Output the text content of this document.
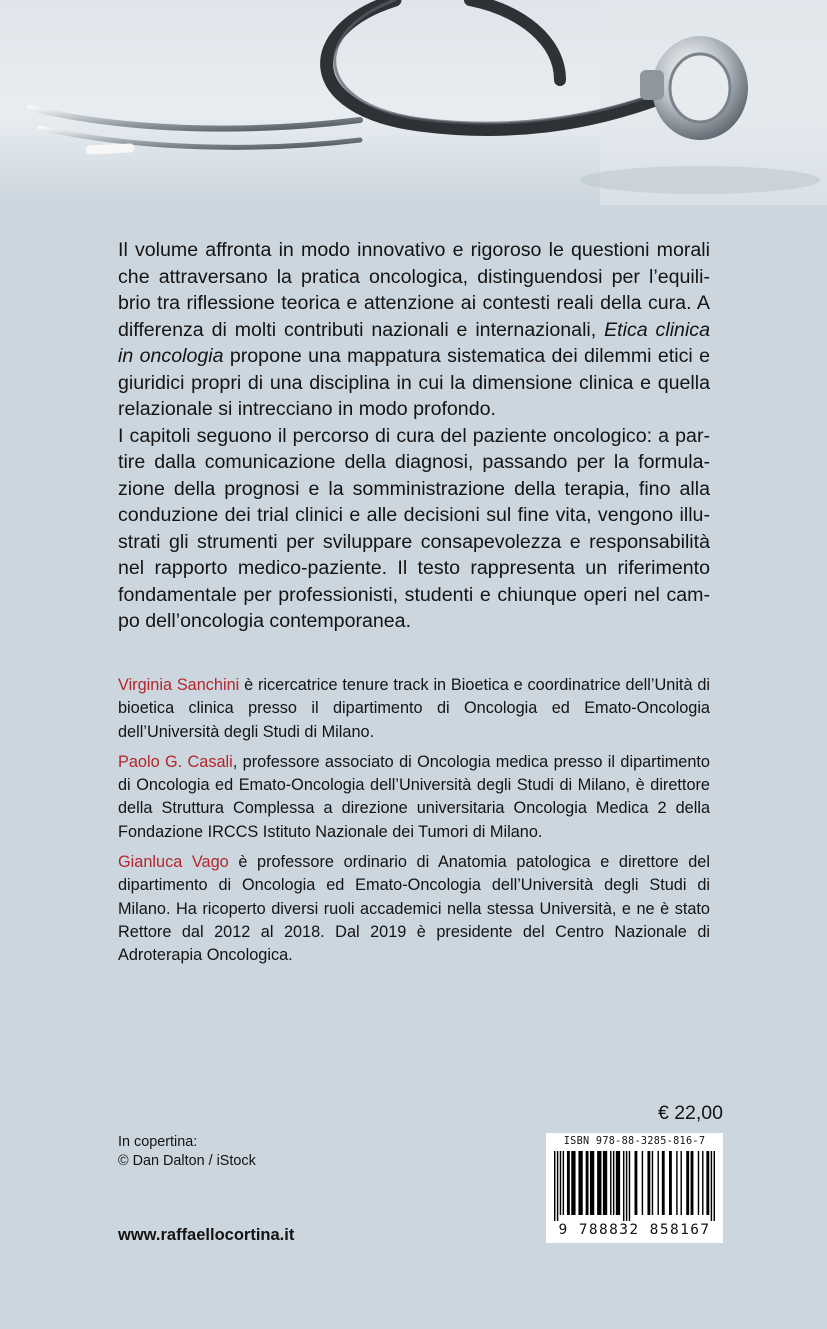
Il volume affronta in modo innovativo e rigoroso le questioni morali che attraversano la pratica oncologica, distinguendosi per l’equilibrio tra riflessione teorica e attenzione ai contesti reali della cura. A differenza di molti contributi nazionali e internazionali, Etica clinica in oncologia propone una mappatura sistematica dei dilemmi etici e giuridici propri di una disciplina in cui la dimensione clinica e quella relazionale si intrecciano in modo profondo.

I capitoli seguono il percorso di cura del paziente oncologico: a partire dalla comunicazione della diagnosi, passando per la formulazione della prognosi e la somministrazione della terapia, fino alla conduzione dei trial clinici e alle decisioni sul fine vita, vengono illustrati gli strumenti per sviluppare consapevolezza e responsabilità nel rapporto medico-paziente. Il testo rappresenta un riferimento fondamentale per professionisti, studenti e chiunque operi nel campo dell’oncologia contemporanea.

Virginia Sanchini è ricercatrice tenure track in Bioetica e coordinatrice dell’Unità di bioetica clinica presso il dipartimento di Oncologia ed Emato-Oncologia dell’Università degli Studi di Milano.

Paolo G. Casali, professore associato di Oncologia medica presso il dipartimento di Oncologia ed Emato-Oncologia dell’Università degli Studi di Milano, è direttore della Struttura Complessa a direzione universitaria Oncologia Medica 2 della Fondazione IRCCS Istituto Nazionale dei Tumori di Milano.

Gianluca Vago è professore ordinario di Anatomia patologica e direttore del dipartimento di Oncologia ed Emato-Oncologia dell’Università degli Studi di Milano. Ha ricoperto diversi ruoli accademici nella stessa Università, e ne è stato Rettore dal 2012 al 2018. Dal 2019 è presidente del Centro Nazionale di Adroterapia Oncologica.

€ 22,00
In copertina:
© Dan Dalton / iStock
www.raffaellocortina.it
ISBN 978-88-3285-816-7
9 788832 858167
